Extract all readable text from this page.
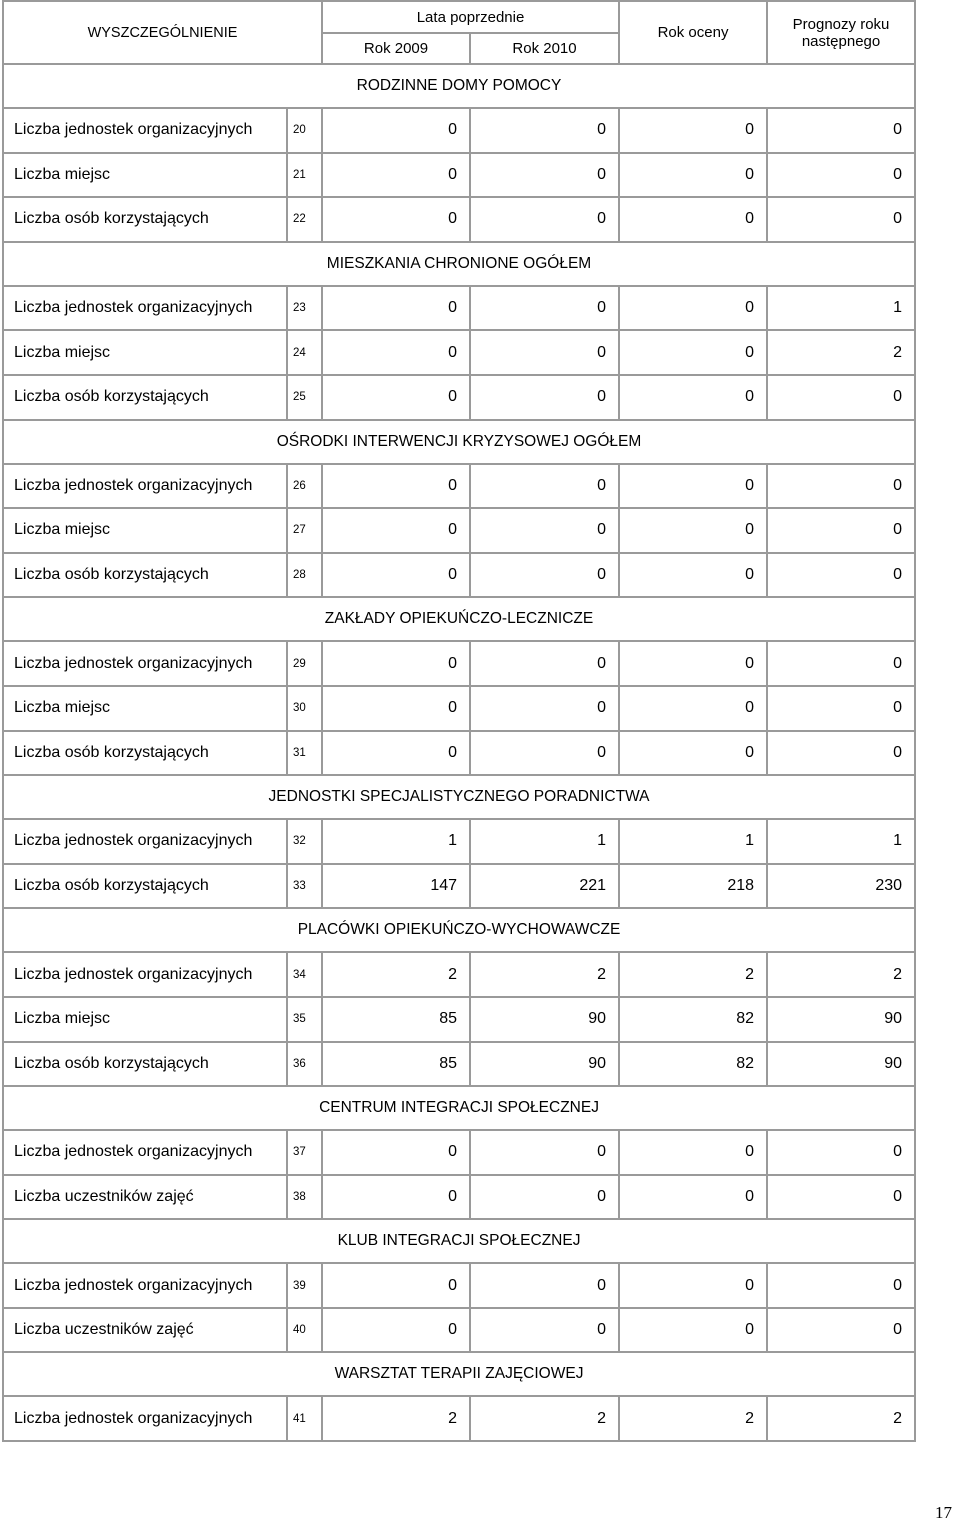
WYSZCZEGÓLNIENIE		Lata poprzednie		Rok oceny	Prognozy roku następnego
		Rok 2009	Rok 2010		
RODZINNE DOMY POMOCY					
Liczba jednostek organizacyjnych	20	0	0	0	0
Liczba miejsc	21	0	0	0	0
Liczba osób korzystających	22	0	0	0	0
MIESZKANIA CHRONIONE OGÓŁEM					
Liczba jednostek organizacyjnych	23	0	0	0	1
Liczba miejsc	24	0	0	0	2
Liczba osób korzystających	25	0	0	0	0
OŚRODKI INTERWENCJI KRYZYSOWEJ OGÓŁEM					
Liczba jednostek organizacyjnych	26	0	0	0	0
Liczba miejsc	27	0	0	0	0
Liczba osób korzystających	28	0	0	0	0
ZAKŁADY OPIEKUŃCZO-LECZNICZE					
Liczba jednostek organizacyjnych	29	0	0	0	0
Liczba miejsc	30	0	0	0	0
Liczba osób korzystających	31	0	0	0	0
JEDNOSTKI SPECJALISTYCZNEGO PORADNICTWA					
Liczba jednostek organizacyjnych	32	1	1	1	1
Liczba osób korzystających	33	147	221	218	230
PLACÓWKI OPIEKUŃCZO-WYCHOWAWCZE					
Liczba jednostek organizacyjnych	34	2	2	2	2
Liczba miejsc	35	85	90	82	90
Liczba osób korzystających	36	85	90	82	90
CENTRUM INTEGRACJI SPOŁECZNEJ					
Liczba jednostek organizacyjnych	37	0	0	0	0
Liczba uczestników zajęć	38	0	0	0	0
KLUB INTEGRACJI SPOŁECZNEJ					
Liczba jednostek organizacyjnych	39	0	0	0	0
Liczba uczestników zajęć	40	0	0	0	0
WARSZTAT TERAPII ZAJĘCIOWEJ					
Liczba jednostek organizacyjnych	41	2	2	2	2
17
